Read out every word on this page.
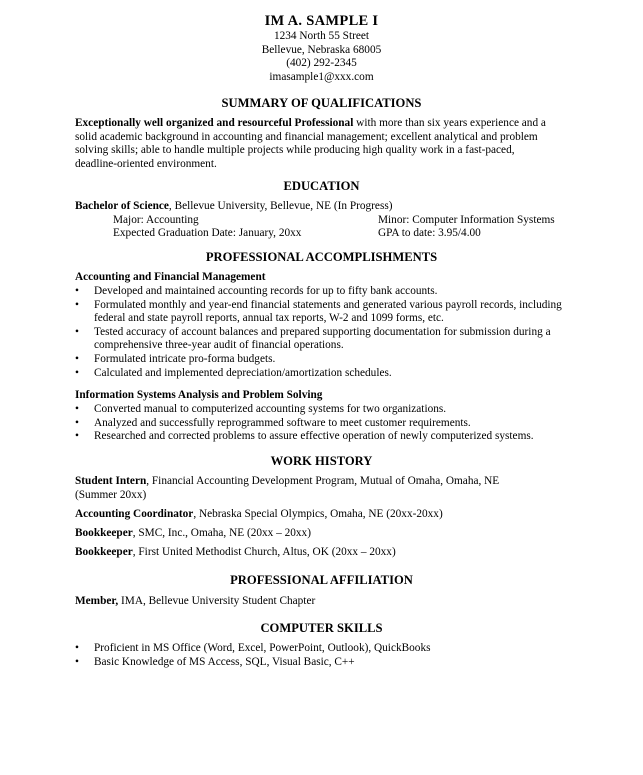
IM A. SAMPLE I
1234 North 55 Street
Bellevue, Nebraska 68005
(402) 292-2345
imasample1@xxx.com
SUMMARY OF QUALIFICATIONS
Exceptionally well organized and resourceful Professional with more than six years experience and a
solid academic background in accounting and financial management; excellent analytical and problem
solving skills; able to handle multiple projects while producing high quality work in a fast-paced,
deadline-oriented environment.
EDUCATION
Bachelor of Science, Bellevue University, Bellevue, NE (In Progress)
Major: Accounting	Minor: Computer Information Systems
Expected Graduation Date: January, 20xx	GPA to date: 3.95/4.00
PROFESSIONAL ACCOMPLISHMENTS
Accounting and Financial Management
• Developed and maintained accounting records for up to fifty bank accounts.
• Formulated monthly and year-end financial statements and generated various payroll records, including federal and state payroll reports, annual tax reports, W-2 and 1099 forms, etc.
• Tested accuracy of account balances and prepared supporting documentation for submission during a comprehensive three-year audit of financial operations.
• Formulated intricate pro-forma budgets.
• Calculated and implemented depreciation/amortization schedules.
Information Systems Analysis and Problem Solving
• Converted manual to computerized accounting systems for two organizations.
• Analyzed and successfully reprogrammed software to meet customer requirements.
• Researched and corrected problems to assure effective operation of newly computerized systems.
WORK HISTORY
Student Intern, Financial Accounting Development Program, Mutual of Omaha, Omaha, NE (Summer 20xx)
Accounting Coordinator, Nebraska Special Olympics, Omaha, NE (20xx-20xx)
Bookkeeper, SMC, Inc., Omaha, NE (20xx – 20xx)
Bookkeeper, First United Methodist Church, Altus, OK (20xx – 20xx)
PROFESSIONAL AFFILIATION
Member, IMA, Bellevue University Student Chapter
COMPUTER SKILLS
• Proficient in MS Office (Word, Excel, PowerPoint, Outlook), QuickBooks
• Basic Knowledge of MS Access, SQL, Visual Basic, C++
